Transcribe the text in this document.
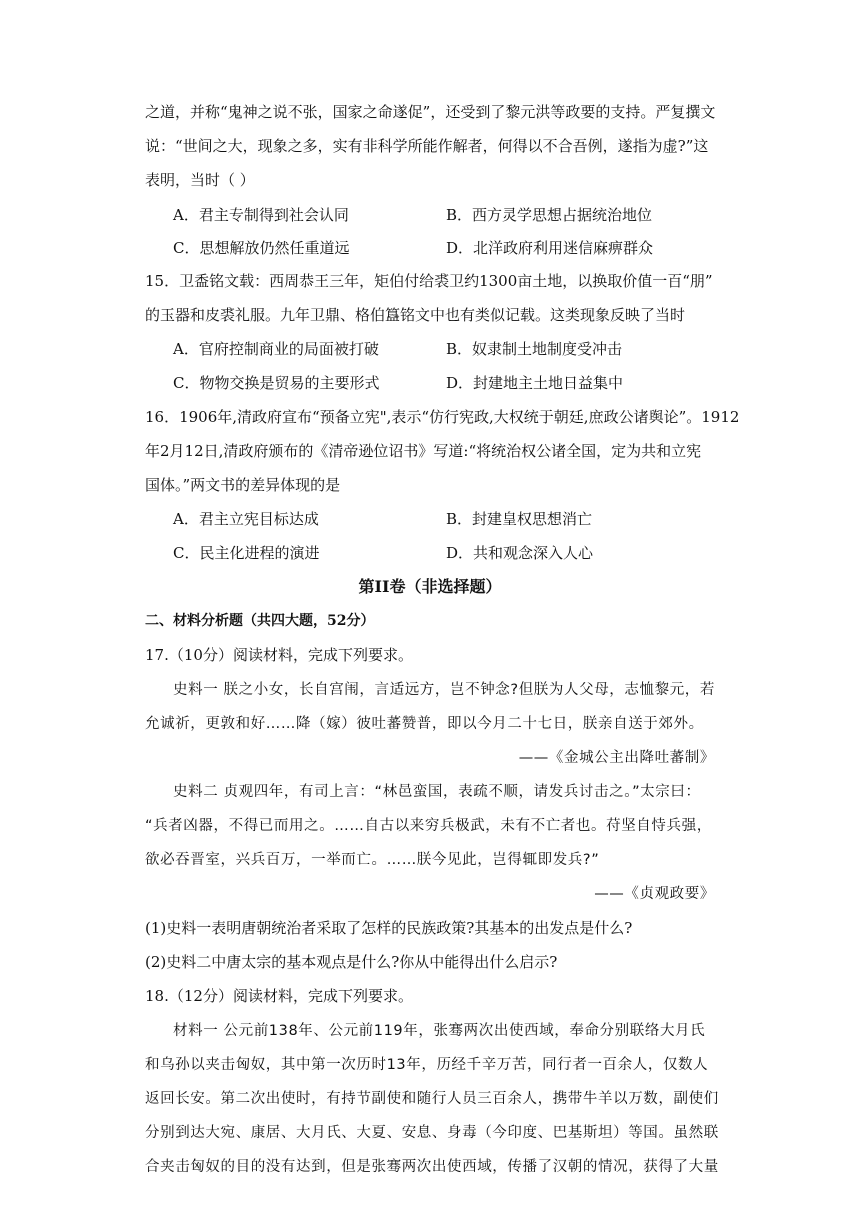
之道，并称“鬼神之说不张，国家之命遂促”，还受到了黎元洪等政要的支持。严复撰文
说：“世间之大，现象之多，实有非科学所能作解者，何得以不合吾例，遂指为虚?”这
表明，当时（ ）
A．君主专制得到社会认同	B．西方灵学思想占据统治地位
C．思想解放仍然任重道远	D．北洋政府利用迷信麻痹群众
15．卫盉铭文载：西周恭王三年，矩伯付给裘卫约1300亩土地，以换取价值一百“朋”
的玉器和皮裘礼服。九年卫鼎、格伯簋铭文中也有类似记载。这类现象反映了当时
A．官府控制商业的局面被打破	B．奴隶制土地制度受冲击
C．物物交换是贸易的主要形式	D．封建地主土地日益集中
16．1906年,清政府宣布“预备立宪",表示“仿行宪政,大权统于朝廷,庶政公诸舆论”。1912
年2月12日,清政府颁布的《清帝逊位诏书》写道:“将统治权公诸全国，定为共和立宪
国体。”两文书的差异体现的是
A．君主立宪目标达成	B．封建皇权思想消亡
C．民主化进程的演进	D．共和观念深入人心
第II卷（非选择题）
二、材料分析题（共四大题，52分）
17.（10分）阅读材料，完成下列要求。
史料一 朕之小女，长自宫闱，言适远方，岂不钟念?但朕为人父母，志恤黎元，若
允诚祈，更敦和好……降（嫁）彼吐蕃赞普，即以今月二十七日，朕亲自送于郊外。
——《金城公主出降吐蕃制》
史料二 贞观四年，有司上言：“林邑蛮国，表疏不顺，请发兵讨击之。”太宗曰：
“兵者凶器，不得已而用之。……自古以来穷兵极武，未有不亡者也。苻坚自恃兵强，
欲必吞晋室，兴兵百万，一举而亡。……朕今见此，岂得辄即发兵?”
——《贞观政要》
(1)史料一表明唐朝统治者采取了怎样的民族政策?其基本的出发点是什么?
(2)史料二中唐太宗的基本观点是什么?你从中能得出什么启示?
18.（12分）阅读材料，完成下列要求。
材料一 公元前138年、公元前119年，张骞两次出使西域，奉命分别联络大月氏
和乌孙以夹击匈奴，其中第一次历时13年，历经千辛万苦，同行者一百余人，仅数人
返回长安。第二次出使时，有持节副使和随行人员三百余人，携带牛羊以万数，副使们
分别到达大宛、康居、大月氏、大夏、安息、身毒（今印度、巴基斯坦）等国。虽然联
合夹击匈奴的目的没有达到，但是张骞两次出使西域，传播了汉朝的情况，获得了大量
